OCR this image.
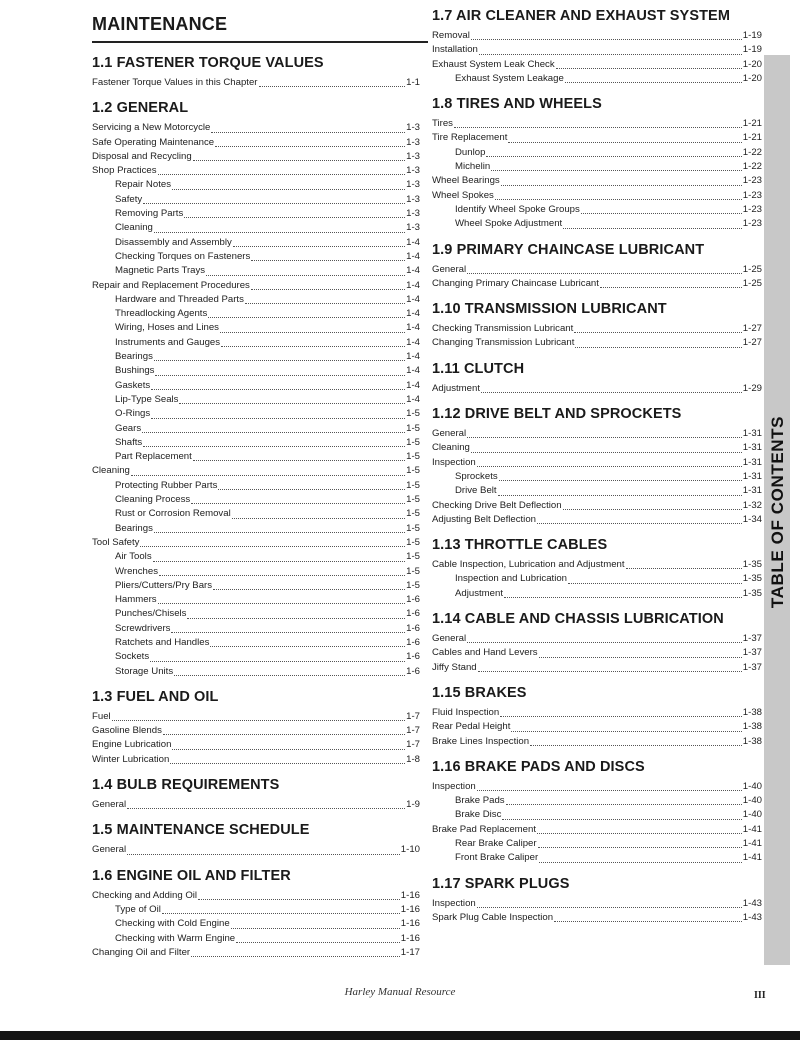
MAINTENANCE
1.1 FASTENER TORQUE VALUES
Fastener Torque Values in this Chapter	1-1
1.2 GENERAL
Servicing a New Motorcycle	1-3
Safe Operating Maintenance	1-3
Disposal and Recycling	1-3
Shop Practices	1-3
Repair Notes	1-3
Safety	1-3
Removing Parts	1-3
Cleaning	1-3
Disassembly and Assembly	1-4
Checking Torques on Fasteners	1-4
Magnetic Parts Trays	1-4
Repair and Replacement Procedures	1-4
Hardware and Threaded Parts	1-4
Threadlocking Agents	1-4
Wiring, Hoses and Lines	1-4
Instruments and Gauges	1-4
Bearings	1-4
Bushings	1-4
Gaskets	1-4
Lip-Type Seals	1-4
O-Rings	1-5
Gears	1-5
Shafts	1-5
Part Replacement	1-5
Cleaning	1-5
Protecting Rubber Parts	1-5
Cleaning Process	1-5
Rust or Corrosion Removal	1-5
Bearings	1-5
Tool Safety	1-5
Air Tools	1-5
Wrenches	1-5
Pliers/Cutters/Pry Bars	1-5
Hammers	1-6
Punches/Chisels	1-6
Screwdrivers	1-6
Ratchets and Handles	1-6
Sockets	1-6
Storage Units	1-6
1.3 FUEL AND OIL
Fuel	1-7
Gasoline Blends	1-7
Engine Lubrication	1-7
Winter Lubrication	1-8
1.4 BULB REQUIREMENTS
General	1-9
1.5 MAINTENANCE SCHEDULE
General	1-10
1.6 ENGINE OIL AND FILTER
Checking and Adding Oil	1-16
Type of Oil	1-16
Checking with Cold Engine	1-16
Checking with Warm Engine	1-16
Changing Oil and Filter	1-17
1.7 AIR CLEANER AND EXHAUST SYSTEM
Removal	1-19
Installation	1-19
Exhaust System Leak Check	1-20
Exhaust System Leakage	1-20
1.8 TIRES AND WHEELS
Tires	1-21
Tire Replacement	1-21
Dunlop	1-22
Michelin	1-22
Wheel Bearings	1-23
Wheel Spokes	1-23
Identify Wheel Spoke Groups	1-23
Wheel Spoke Adjustment	1-23
1.9 PRIMARY CHAINCASE LUBRICANT
General	1-25
Changing Primary Chaincase Lubricant	1-25
1.10 TRANSMISSION LUBRICANT
Checking Transmission Lubricant	1-27
Changing Transmission Lubricant	1-27
1.11 CLUTCH
Adjustment	1-29
1.12 DRIVE BELT AND SPROCKETS
General	1-31
Cleaning	1-31
Inspection	1-31
Sprockets	1-31
Drive Belt	1-31
Checking Drive Belt Deflection	1-32
Adjusting Belt Deflection	1-34
1.13 THROTTLE CABLES
Cable Inspection, Lubrication and Adjustment	1-35
Inspection and Lubrication	1-35
Adjustment	1-35
1.14 CABLE AND CHASSIS LUBRICATION
General	1-37
Cables and Hand Levers	1-37
Jiffy Stand	1-37
1.15 BRAKES
Fluid Inspection	1-38
Rear Pedal Height	1-38
Brake Lines Inspection	1-38
1.16 BRAKE PADS AND DISCS
Inspection	1-40
Brake Pads	1-40
Brake Disc	1-40
Brake Pad Replacement	1-41
Rear Brake Caliper	1-41
Front Brake Caliper	1-41
1.17 SPARK PLUGS
Inspection	1-43
Spark Plug Cable Inspection	1-43
TABLE OF CONTENTS
Harley Manual Resource	III
